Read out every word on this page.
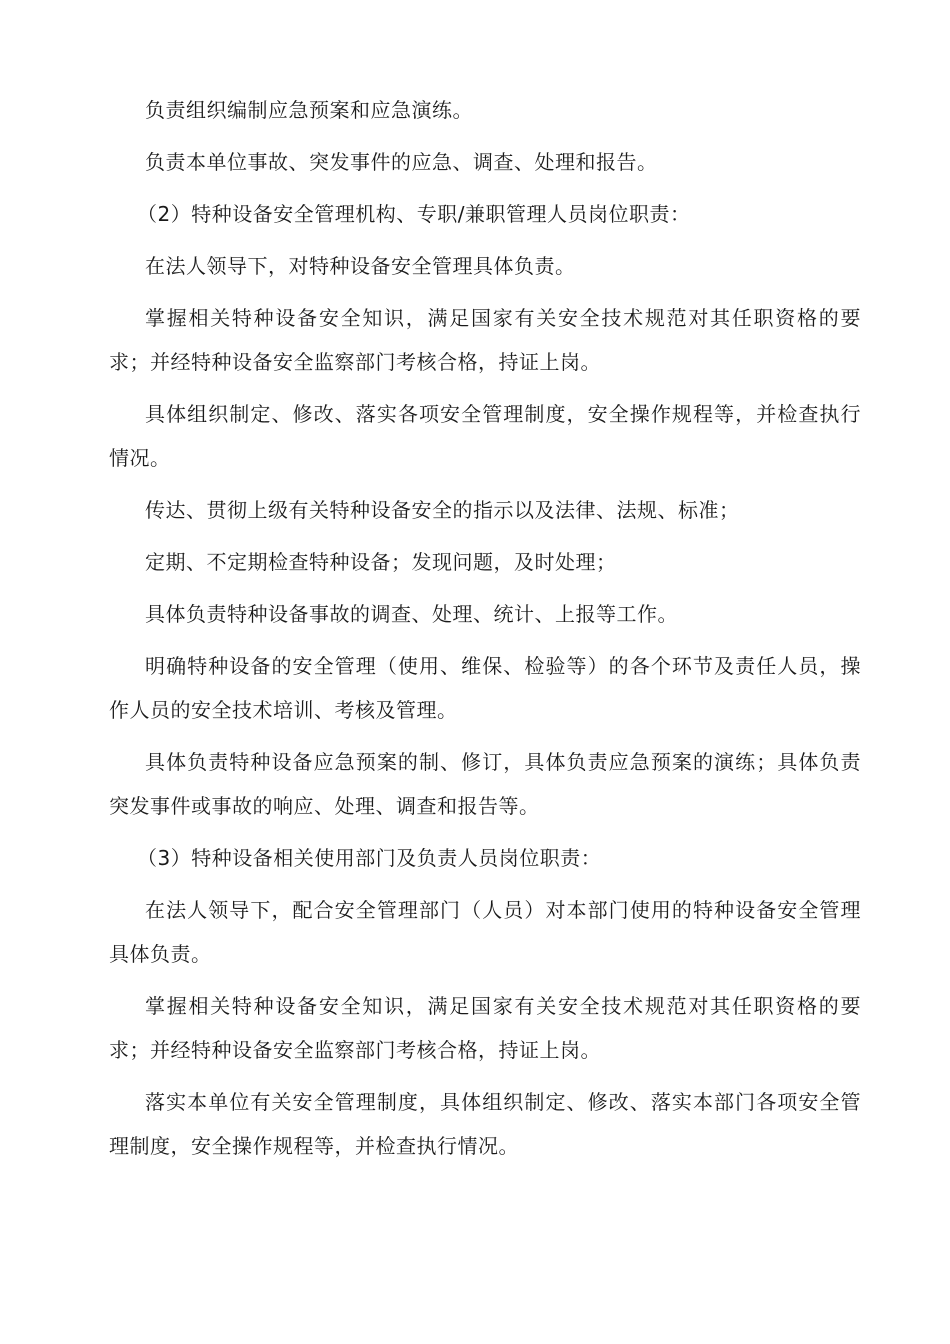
负责组织编制应急预案和应急演练。

负责本单位事故、突发事件的应急、调查、处理和报告。

（2）特种设备安全管理机构、专职/兼职管理人员岗位职责：

在法人领导下，对特种设备安全管理具体负责。

掌握相关特种设备安全知识，满足国家有关安全技术规范对其任职资格的要求；并经特种设备安全监察部门考核合格，持证上岗。

具体组织制定、修改、落实各项安全管理制度，安全操作规程等，并检查执行情况。

传达、贯彻上级有关特种设备安全的指示以及法律、法规、标准；

定期、不定期检查特种设备；发现问题，及时处理；

具体负责特种设备事故的调查、处理、统计、上报等工作。

明确特种设备的安全管理（使用、维保、检验等）的各个环节及责任人员，操作人员的安全技术培训、考核及管理。

具体负责特种设备应急预案的制、修订，具体负责应急预案的演练；具体负责突发事件或事故的响应、处理、调查和报告等。

（3）特种设备相关使用部门及负责人员岗位职责：

在法人领导下，配合安全管理部门（人员）对本部门使用的特种设备安全管理具体负责。

掌握相关特种设备安全知识，满足国家有关安全技术规范对其任职资格的要求；并经特种设备安全监察部门考核合格，持证上岗。

落实本单位有关安全管理制度，具体组织制定、修改、落实本部门各项安全管理制度，安全操作规程等，并检查执行情况。
